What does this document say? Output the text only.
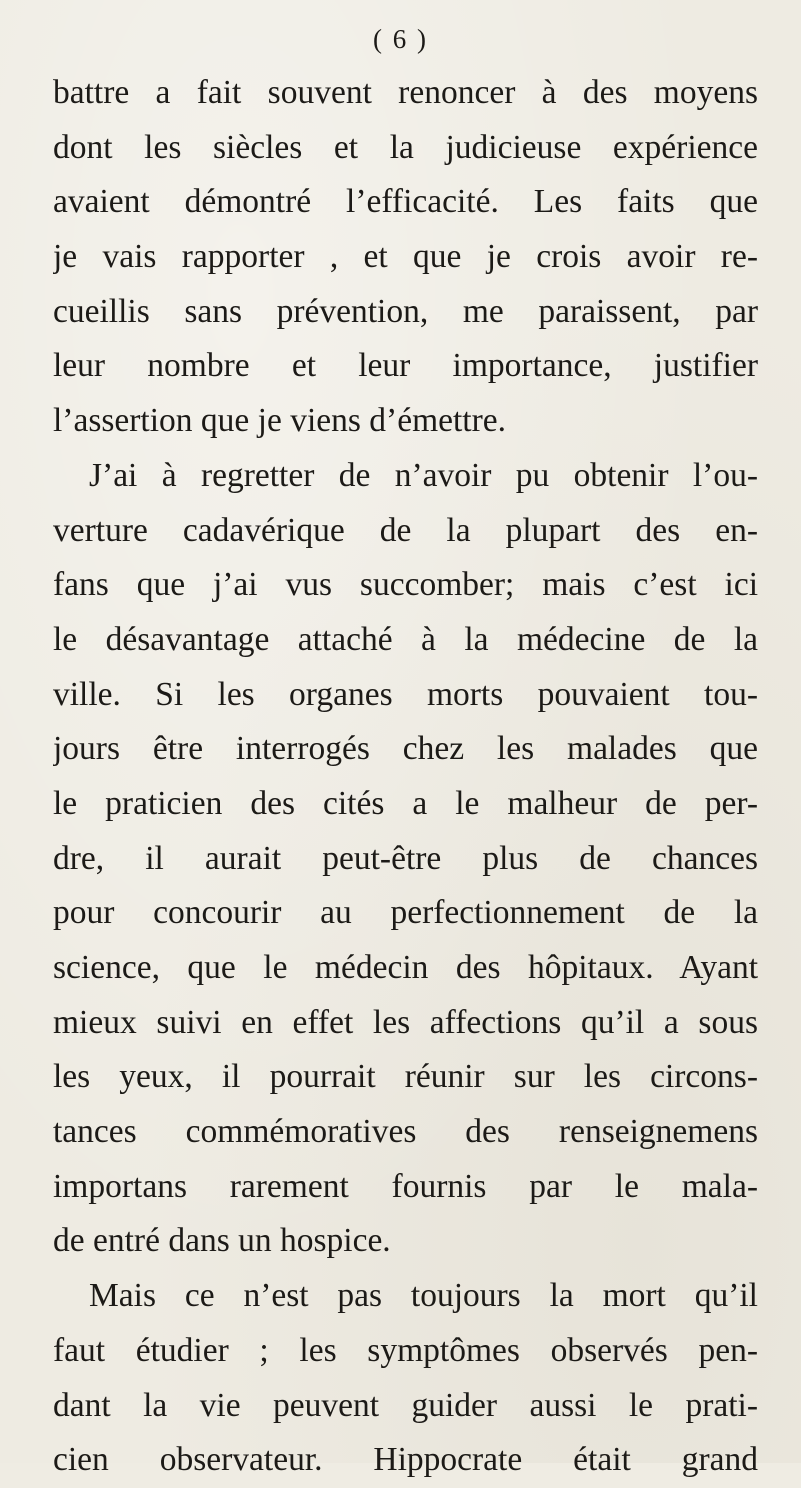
( 6 )
battre a fait souvent renoncer à des moyens
dont les siècles et la judicieuse expérience
avaient démontré l’efficacité. Les faits que
je vais rapporter , et que je crois avoir re-
cueillis sans prévention, me paraissent, par
leur nombre et leur importance, justifier
l’assertion que je viens d’émettre.
J’ai à regretter de n’avoir pu obtenir l’ou-
verture cadavérique de la plupart des en-
fans que j’ai vus succomber; mais c’est ici
le désavantage attaché à la médecine de la
ville. Si les organes morts pouvaient tou-
jours être interrogés chez les malades que
le praticien des cités a le malheur de per-
dre, il aurait peut-être plus de chances
pour concourir au perfectionnement de la
science, que le médecin des hôpitaux. Ayant
mieux suivi en effet les affections qu’il a sous
les yeux, il pourrait réunir sur les circons-
tances commémoratives des renseignemens
importans rarement fournis par le mala-
de entré dans un hospice.
Mais ce n’est pas toujours la mort qu’il
faut étudier ; les symptômes observés pen-
dant la vie peuvent guider aussi le prati-
cien observateur. Hippocrate était grand
